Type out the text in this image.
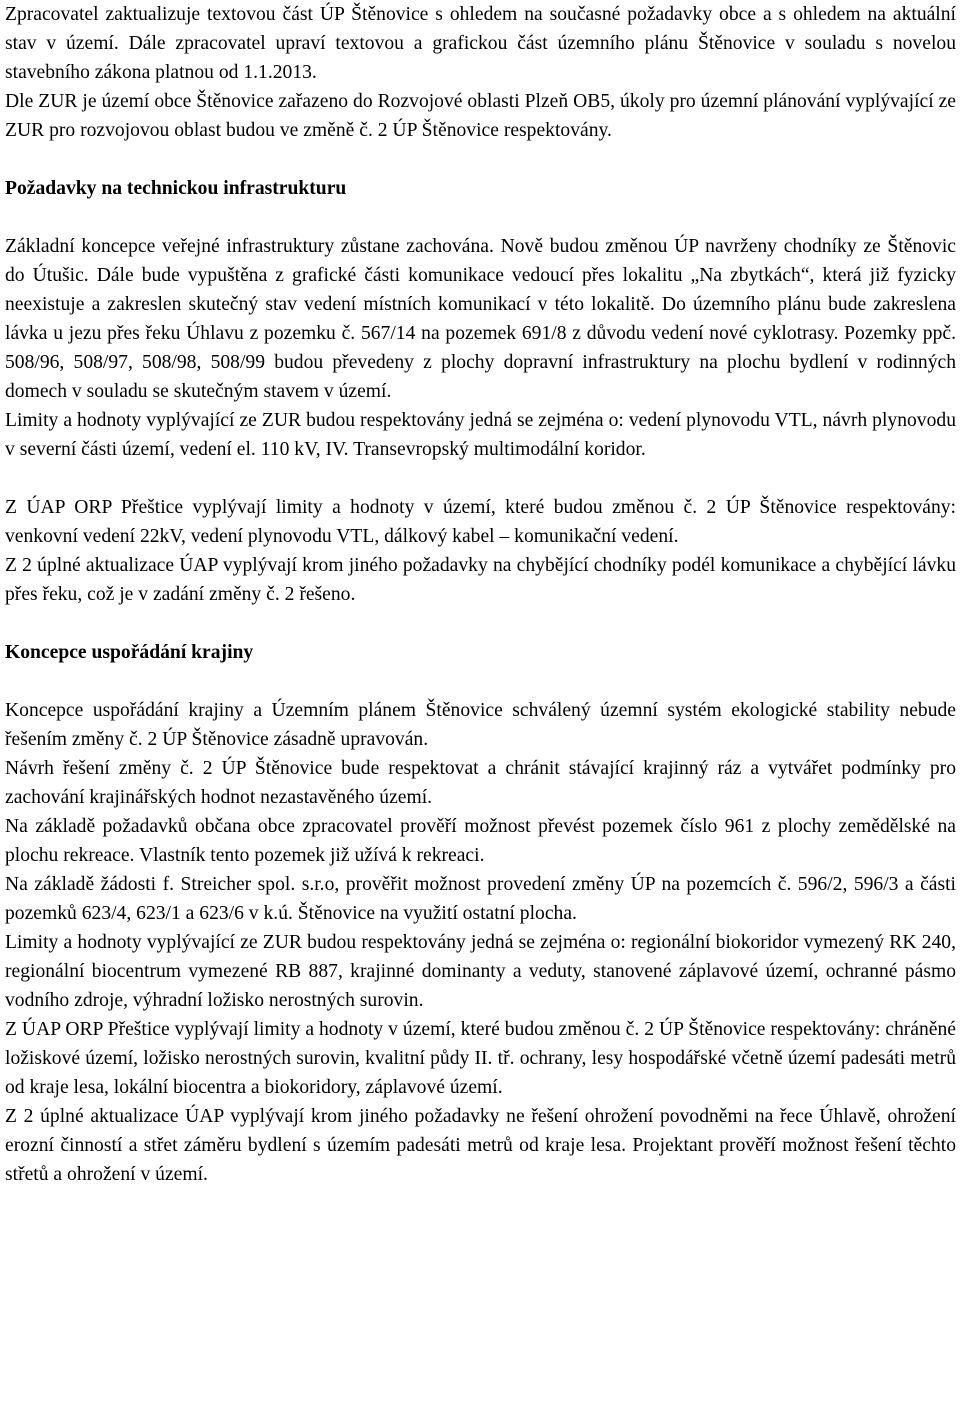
Zpracovatel zaktualizuje textovou část ÚP Štěnovice s ohledem na současné požadavky obce a s ohledem na aktuální stav v území. Dále zpracovatel upraví textovou a grafickou část územního plánu Štěnovice v souladu s novelou stavebního zákona platnou od 1.1.2013.

Dle ZUR je území obce Štěnovice zařazeno do Rozvojové oblasti Plzeň OB5, úkoly pro územní plánování vyplývající ze ZUR pro rozvojovou oblast budou ve změně č. 2 ÚP Štěnovice respektovány.

Požadavky na technickou infrastrukturu

Základní koncepce veřejné infrastruktury zůstane zachována. Nově budou změnou ÚP navrženy chodníky ze Štěnovic do Útušic. Dále bude vypuštěna z grafické části komunikace vedoucí přes lokalitu „Na zbytkách“, která již fyzicky neexistuje a zakreslen skutečný stav vedení místních komunikací v této lokalitě. Do územního plánu bude zakreslena lávka u jezu přes řeku Úhlavu z pozemku č. 567/14 na pozemek 691/8 z důvodu vedení nové cyklotrasy. Pozemky ppč. 508/96, 508/97, 508/98, 508/99 budou převedeny z plochy dopravní infrastruktury na plochu bydlení v rodinných domech v souladu se skutečným stavem v území.

Limity a hodnoty vyplývající ze ZUR budou respektovány jedná se zejména o: vedení plynovodu VTL, návrh plynovodu v severní části území, vedení el. 110 kV, IV. Transevropský multimodální koridor.

Z ÚAP ORP Přeštice vyplývají limity a hodnoty v území, které budou změnou č. 2 ÚP Štěnovice respektovány: venkovní vedení 22kV, vedení plynovodu VTL, dálkový kabel – komunikační vedení.

Z 2 úplné aktualizace ÚAP vyplývají krom jiného požadavky na chybějící chodníky podél komunikace a chybějící lávku přes řeku, což je v zadání změny č. 2 řešeno.

Koncepce uspořádání krajiny

Koncepce uspořádání krajiny a Územním plánem Štěnovice schválený územní systém ekologické stability nebude řešením změny č. 2 ÚP Štěnovice zásadně upravován.

Návrh řešení změny č. 2 ÚP Štěnovice bude respektovat a chránit stávající krajinný ráz a vytvářet podmínky pro zachování krajinářských hodnot nezastavěného území.

Na základě požadavků občana obce zpracovatel prověří možnost převést pozemek číslo 961 z plochy zemědělské na plochu rekreace. Vlastník tento pozemek již užívá k rekreaci.

Na základě žádosti f. Streicher spol. s.r.o, prověřit možnost provedení změny ÚP na pozemcích č. 596/2, 596/3 a části pozemků 623/4, 623/1 a 623/6 v k.ú. Štěnovice na využití ostatní plocha.

Limity a hodnoty vyplývající ze ZUR budou respektovány jedná se zejména o: regionální biokoridor vymezený RK 240, regionální biocentrum vymezené RB 887, krajinné dominanty a veduty, stanovené záplavové území, ochranné pásmo vodního zdroje, výhradní ložisko nerostných surovin.

Z ÚAP ORP Přeštice vyplývají limity a hodnoty v území, které budou změnou č. 2 ÚP Štěnovice respektovány: chráněné ložiskové území, ložisko nerostných surovin, kvalitní půdy II. tř. ochrany, lesy hospodářské včetně území padesáti metrů od kraje lesa, lokální biocentra a biokoridory, záplavové území.

Z 2 úplné aktualizace ÚAP vyplývají krom jiného požadavky ne řešení ohrožení povodněmi na řece Úhlavě, ohrožení erozní činností a střet záměru bydlení s územím padesáti metrů od kraje lesa. Projektant prověří možnost řešení těchto střetů a ohrožení v území.
